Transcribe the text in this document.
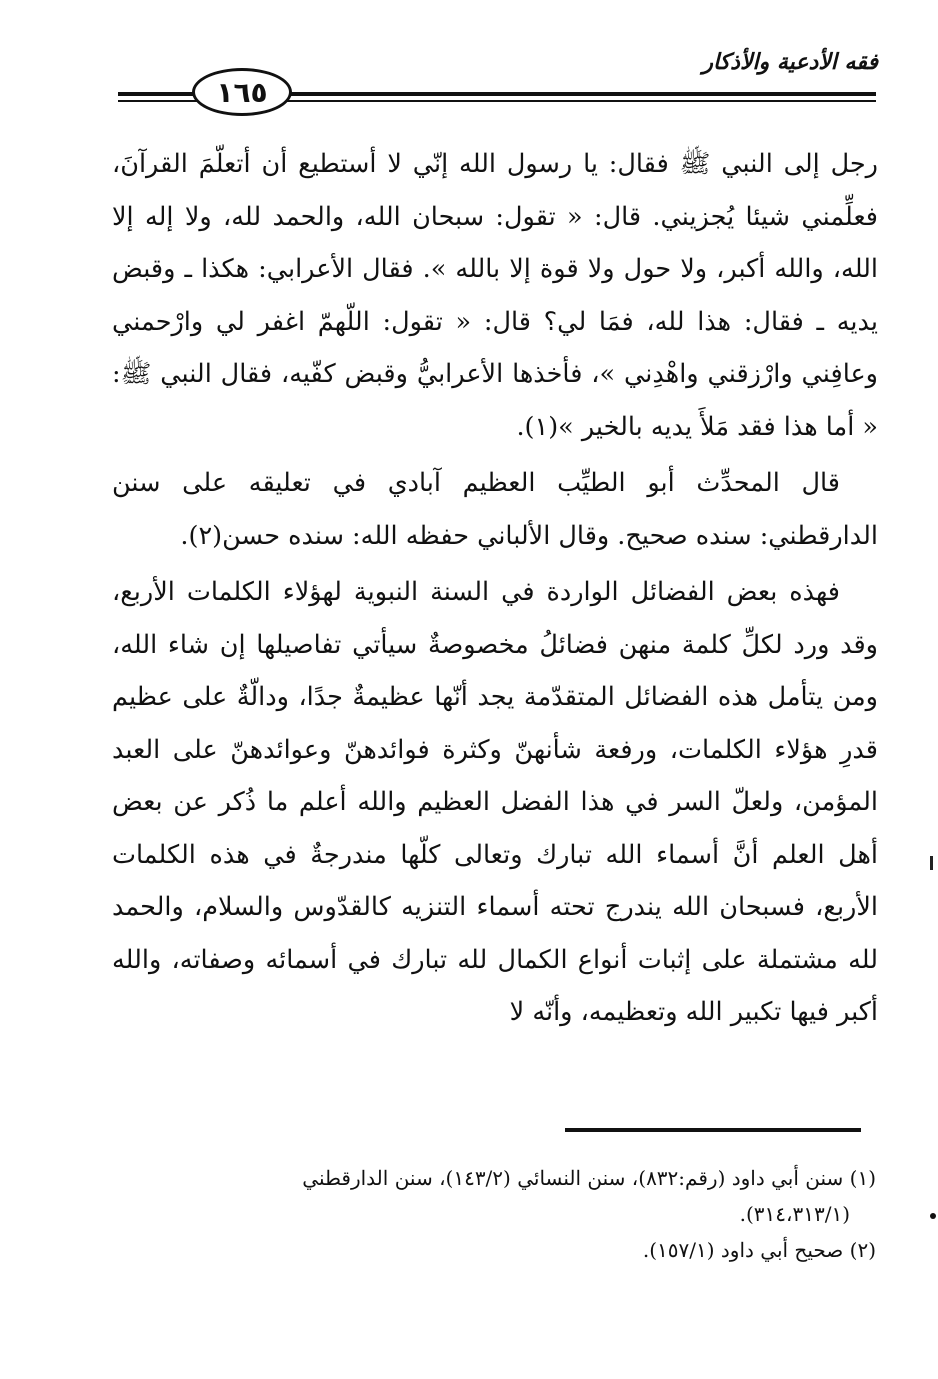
فقه الأدعية والأذكار
١٦٥

رجل إلى النبي ﷺ فقال: يا رسول الله إنّي لا أستطيع أن أتعلّمَ القرآنَ، فعلِّمني شيئا يُجزيني. قال: « تقول: سبحان الله، والحمد لله، ولا إله إلا الله، والله أكبر، ولا حول ولا قوة إلا بالله ». فقال الأعرابي: هكذا ـ وقبض يديه ـ فقال: هذا لله، فمَا لي؟ قال: « تقول: اللّهمّ اغفر لي وارْحمني وعافِني وارْزقني واهْدِني »، فأخذها الأعرابيُّ وقبض كفّيه، فقال النبي ﷺ: « أما هذا فقد مَلأَ يديه بالخير »(١).

قال المحدِّث أبو الطيِّب العظيم آبادي في تعليقه على سنن الدارقطني: سنده صحيح. وقال الألباني حفظه الله: سنده حسن(٢).

فهذه بعض الفضائل الواردة في السنة النبوية لهؤلاء الكلمات الأربع، وقد ورد لكلِّ كلمة منهن فضائلُ مخصوصةٌ سيأتي تفاصيلها إن شاء الله، ومن يتأمل هذه الفضائل المتقدّمة يجد أنّها عظيمةٌ جدًا، ودالّةٌ على عظيم قدرِ هؤلاء الكلمات، ورفعة شأنهنّ وكثرة فوائدهنّ وعوائدهنّ على العبد المؤمن، ولعلّ السر في هذا الفضل العظيم والله أعلم ما ذُكر عن بعض أهل العلم أنَّ أسماء الله تبارك وتعالى كلّها مندرجةٌ في هذه الكلمات الأربع، فسبحان الله يندرج تحته أسماء التنزيه كالقدّوس والسلام، والحمد لله مشتملة على إثبات أنواع الكمال لله تبارك في أسمائه وصفاته، والله أكبر فيها تكبير الله وتعظيمه، وأنّه لا

(١) سنن أبي داود (رقم:٨٣٢)، سنن النسائي (١٤٣/٢)، سنن الدارقطني

(٣١٤،٣١٣/١).

(٢) صحيح أبي داود (١٥٧/١).
